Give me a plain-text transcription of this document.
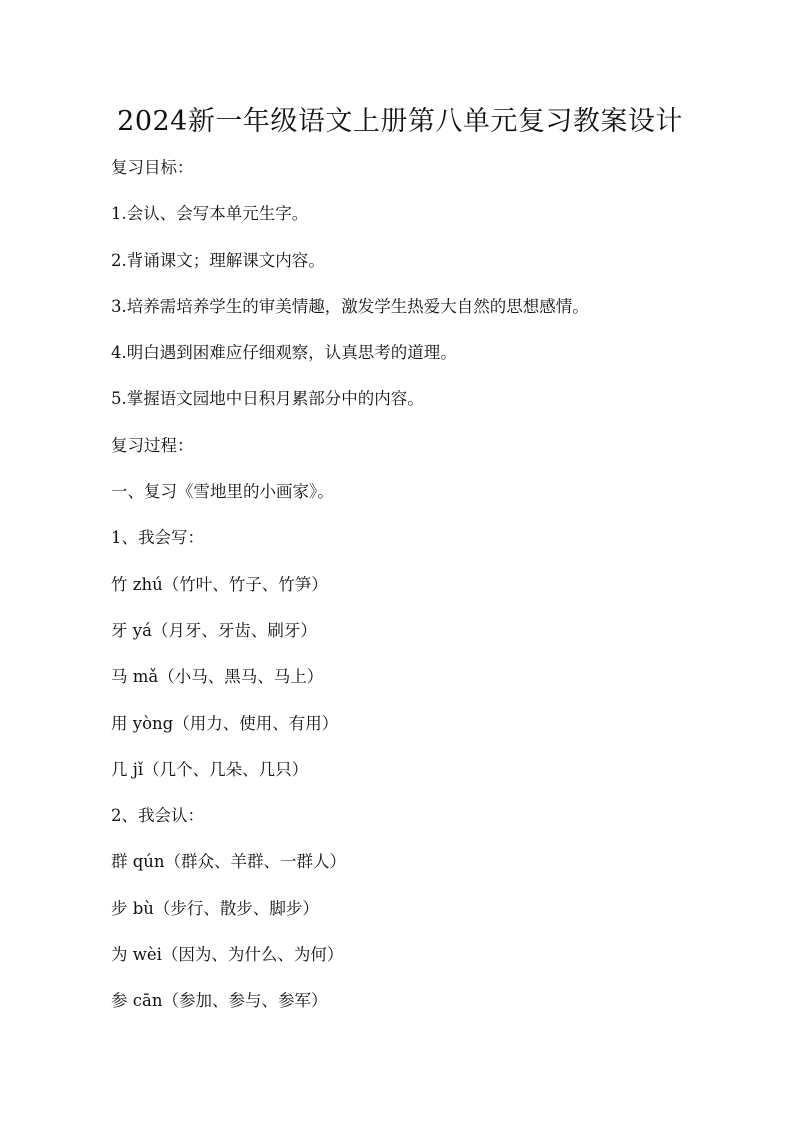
2024新一年级语文上册第八单元复习教案设计
复习目标：
1.会认、会写本单元生字。
2.背诵课文；理解课文内容。
3.培养需培养学生的审美情趣，激发学生热爱大自然的思想感情。
4.明白遇到困难应仔细观察，认真思考的道理。
5.掌握语文园地中日积月累部分中的内容。
复习过程：
一、复习《雪地里的小画家》。
1、我会写：
竹 zhú（竹叶、竹子、竹笋）
牙 yá（月牙、牙齿、刷牙）
马 mǎ（小马、黑马、马上）
用 yòng（用力、使用、有用）
几 jǐ（几个、几朵、几只）
2、我会认：
群 qún（群众、羊群、一群人）
步 bù（步行、散步、脚步）
为 wèi（因为、为什么、为何）
参 cān（参加、参与、参军）
